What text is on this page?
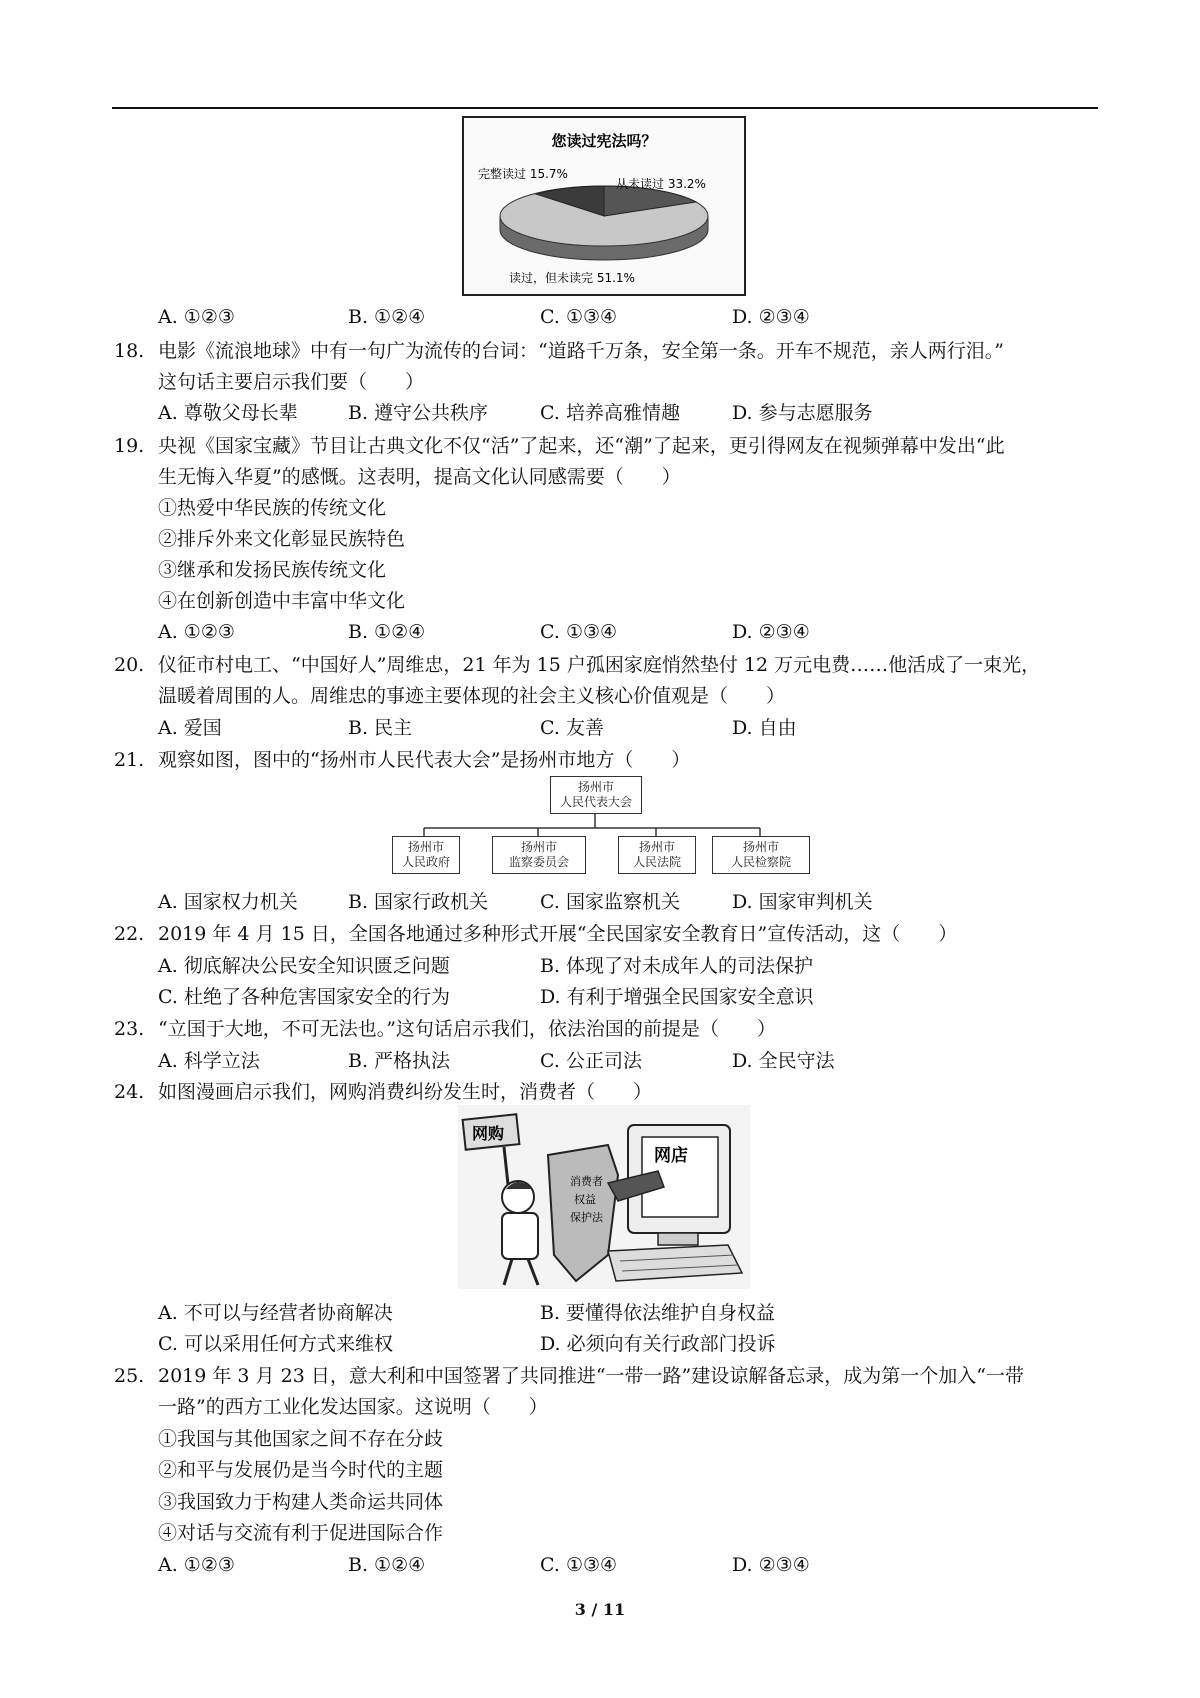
您读过宪法吗？
完整读过 15.7%
从未读过 33.2%
读过，但未读完 51.1%
A. ①②③	B. ①②④	C. ①③④	D. ②③④
18. 电影《流浪地球》中有一句广为流传的台词：“道路千万条，安全第一条。开车不规范，亲人两行泪。”
这句话主要启示我们要（　　）
A. 尊敬父母长辈	B. 遵守公共秩序	C. 培养高雅情趣	D. 参与志愿服务
19. 央视《国家宝藏》节目让古典文化不仅“活”了起来，还“潮”了起来，更引得网友在视频弹幕中发出“此
生无悔入华夏”的感慨。这表明，提高文化认同感需要（　　）
①热爱中华民族的传统文化
②排斥外来文化彰显民族特色
③继承和发扬民族传统文化
④在创新创造中丰富中华文化
A. ①②③	B. ①②④	C. ①③④	D. ②③④
20. 仪征市村电工、“中国好人”周维忠，21 年为 15 户孤困家庭悄然垫付 12 万元电费……他活成了一束光，
温暖着周围的人。周维忠的事迹主要体现的社会主义核心价值观是（　　）
A. 爱国	B. 民主	C. 友善	D. 自由
21. 观察如图，图中的“扬州市人民代表大会”是扬州市地方（　　）
扬州市
人民代表大会
扬州市
人民政府
扬州市
监察委员会
扬州市
人民法院
扬州市
人民检察院
A. 国家权力机关	B. 国家行政机关	C. 国家监察机关	D. 国家审判机关
22. 2019 年 4 月 15 日，全国各地通过多种形式开展“全民国家安全教育日”宣传活动，这（　　）
A. 彻底解决公民安全知识匮乏问题	B. 体现了对未成年人的司法保护
C. 杜绝了各种危害国家安全的行为	D. 有利于增强全民国家安全意识
23. “立国于大地，不可无法也。”这句话启示我们，依法治国的前提是（　　）
A. 科学立法	B. 严格执法	C. 公正司法	D. 全民守法
24. 如图漫画启示我们，网购消费纠纷发生时，消费者（　　）
网购
消费者
权益
保护法
网店
A. 不可以与经营者协商解决	B. 要懂得依法维护自身权益
C. 可以采用任何方式来维权	D. 必须向有关行政部门投诉
25. 2019 年 3 月 23 日，意大利和中国签署了共同推进“一带一路”建设谅解备忘录，成为第一个加入“一带
一路”的西方工业化发达国家。这说明（　　）
①我国与其他国家之间不存在分歧
②和平与发展仍是当今时代的主题
③我国致力于构建人类命运共同体
④对话与交流有利于促进国际合作
A. ①②③	B. ①②④	C. ①③④	D. ②③④
3 / 11
